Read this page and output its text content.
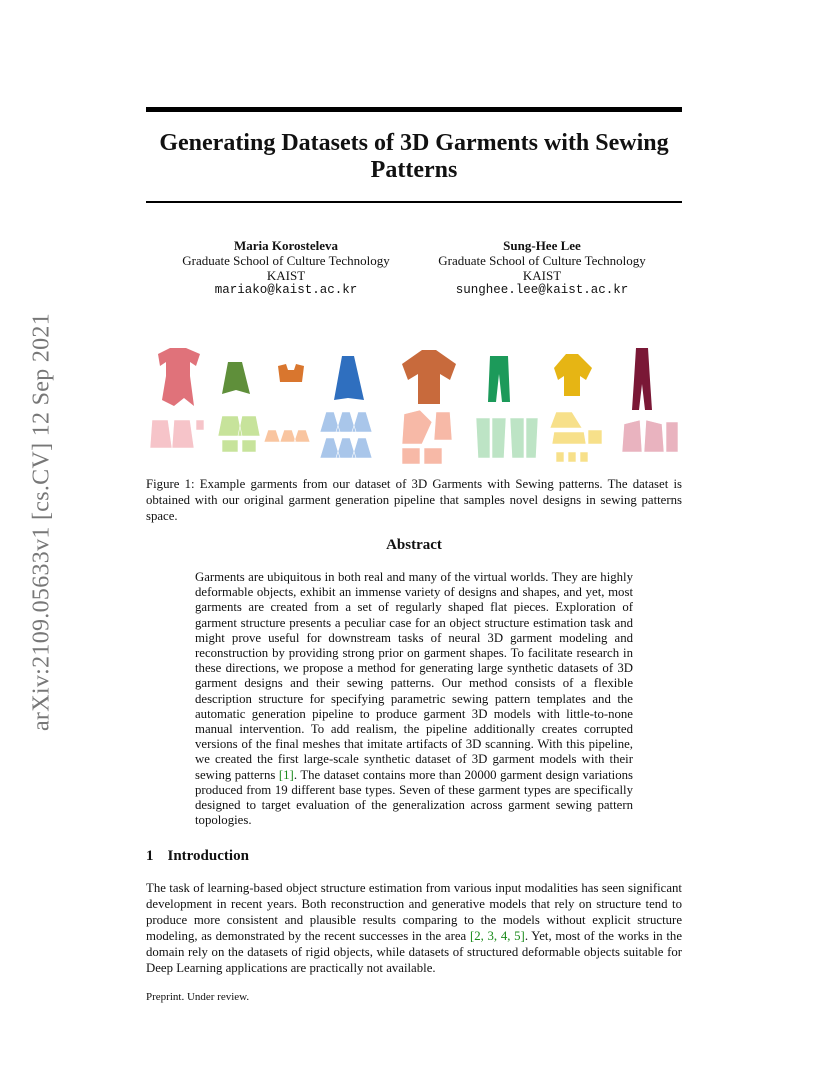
arXiv:2109.05633v1 [cs.CV] 12 Sep 2021
Generating Datasets of 3D Garments with Sewing Patterns
Maria Korosteleva
Graduate School of Culture Technology
KAIST
mariako@kaist.ac.kr
Sung-Hee Lee
Graduate School of Culture Technology
KAIST
sunghee.lee@kaist.ac.kr
Figure 1: Example garments from our dataset of 3D Garments with Sewing patterns. The dataset is obtained with our original garment generation pipeline that samples novel designs in sewing patterns space.
Abstract
Garments are ubiquitous in both real and many of the virtual worlds. They are highly deformable objects, exhibit an immense variety of designs and shapes, and yet, most garments are created from a set of regularly shaped flat pieces. Exploration of garment structure presents a peculiar case for an object structure estimation task and might prove useful for downstream tasks of neural 3D garment modeling and reconstruction by providing strong prior on garment shapes. To facilitate research in these directions, we propose a method for generating large synthetic datasets of 3D garment designs and their sewing patterns. Our method consists of a flexible description structure for specifying parametric sewing pattern templates and the automatic generation pipeline to produce garment 3D models with little-to-none manual intervention. To add realism, the pipeline additionally creates corrupted versions of the final meshes that imitate artifacts of 3D scanning. With this pipeline, we created the first large-scale synthetic dataset of 3D garment models with their sewing patterns [1]. The dataset contains more than 20000 garment design variations produced from 19 different base types. Seven of these garment types are specifically designed to target evaluation of the generalization across garment sewing pattern topologies.
1 Introduction
The task of learning-based object structure estimation from various input modalities has seen significant development in recent years. Both reconstruction and generative models that rely on structure tend to produce more consistent and plausible results comparing to the models without explicit structure modeling, as demonstrated by the recent successes in the area [2, 3, 4, 5]. Yet, most of the works in the domain rely on the datasets of rigid objects, while datasets of structured deformable objects suitable for Deep Learning applications are practically not available.
Preprint. Under review.
